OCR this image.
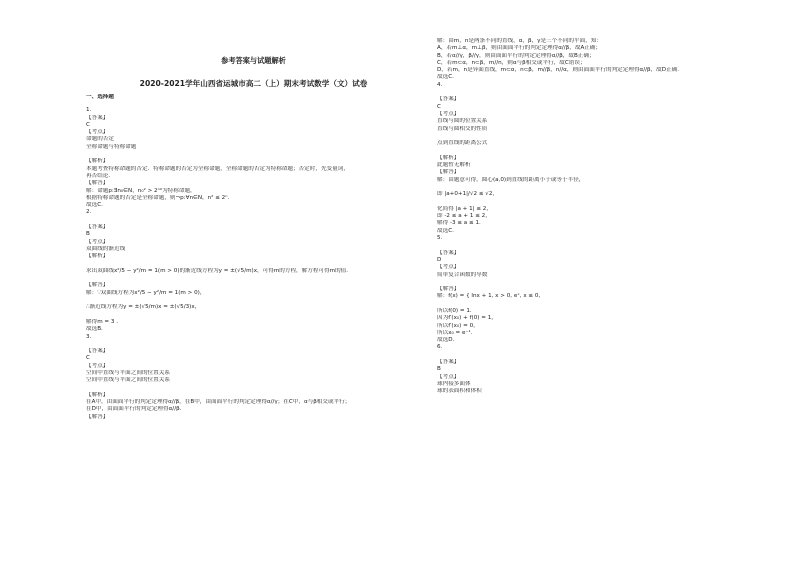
参考答案与试题解析
2020-2021学年山西省运城市高二（上）期末考试数学（文）试卷
一、选择题
1.
【答案】
C
【考点】
命题的否定
全称命题与特称命题
【解析】
本题考查特称命题的否定．特称命题的否定为全称命题，全称命题的否定为特称命题；否定时，先变量词，
再否结论．
【解答】
解：命题p:∃n₀∈N，n₀² > 2ⁿ⁰为特称命题，
根据特称命题的否定是全称命题，则¬p:∀n∈N，n² ≤ 2ⁿ.
故选C.
2.
【答案】
B
【考点】
双曲线的渐近线
【解析】
求出双曲线x²/5 − y²/m = 1(m > 0)的渐近线方程为y = ±(√5/m)x，可得m的方程，解方程可得m的值.
【解答】
解：∵双曲线方程为x²/5 − y²/m = 1(m > 0)，
∴渐近线方程为y = ±(√5/m)x = ±(√5/3)x，
解得m = 3 .
故选B.
3.
【答案】
C
【考点】
空间中直线与平面之间的位置关系
空间中直线与平面之间的位置关系
【解析】
在A中，由面面平行的判定定理得α//β，在B中，由面面平行的判定定理得α//γ；在C中，α与β相交或平行；
在D中，由面面平行的判定定理得α//β.
【解答】
解：由m，n是两条不同的直线，α，β，γ是三个不同的平面，知：
A，若m⊥α，m⊥β，则由面面平行的判定定理得α//β，故A正确；
B，若α//γ，β//γ，则由面面平行的判定定理得α//β，故B正确；
C，若m⊂α，n⊂β，m//n，则α与β相交或平行，故C错误；
D，若m，n是异面直线，m⊂α，n⊂β，m//β，n//α，则由面面平行的判定定理得α//β，故D正确.
故选C.
4.
【答案】
C
【考点】
直线与圆的位置关系
直线与圆相交的性质
点到直线的距离公式
【解析】
此题暂无解析
【解答】
解：由题意可得，圆心(a,0)到直线的距离小于或等于半径，
即 |a+0+1|/√2 ≤ √2，
化简得 |a + 1| ≤ 2，
即 -2 ≤ a + 1 ≤ 2，
解得 -3 ≤ a ≤ 1.
故选C.
5.
【答案】
D
【考点】
简单复合函数的导数
【解答】
解：f(x) = { lnx + 1, x > 0, eˣ, x ≤ 0,
所以f(0) = 1.
因为f′(x₀) + f(0) = 1，
所以f′(x₀) = 0，
所以x₀ = e⁻¹.
故选D.
6.
【答案】
B
【考点】
球内接多面体
球的表面积和体积
